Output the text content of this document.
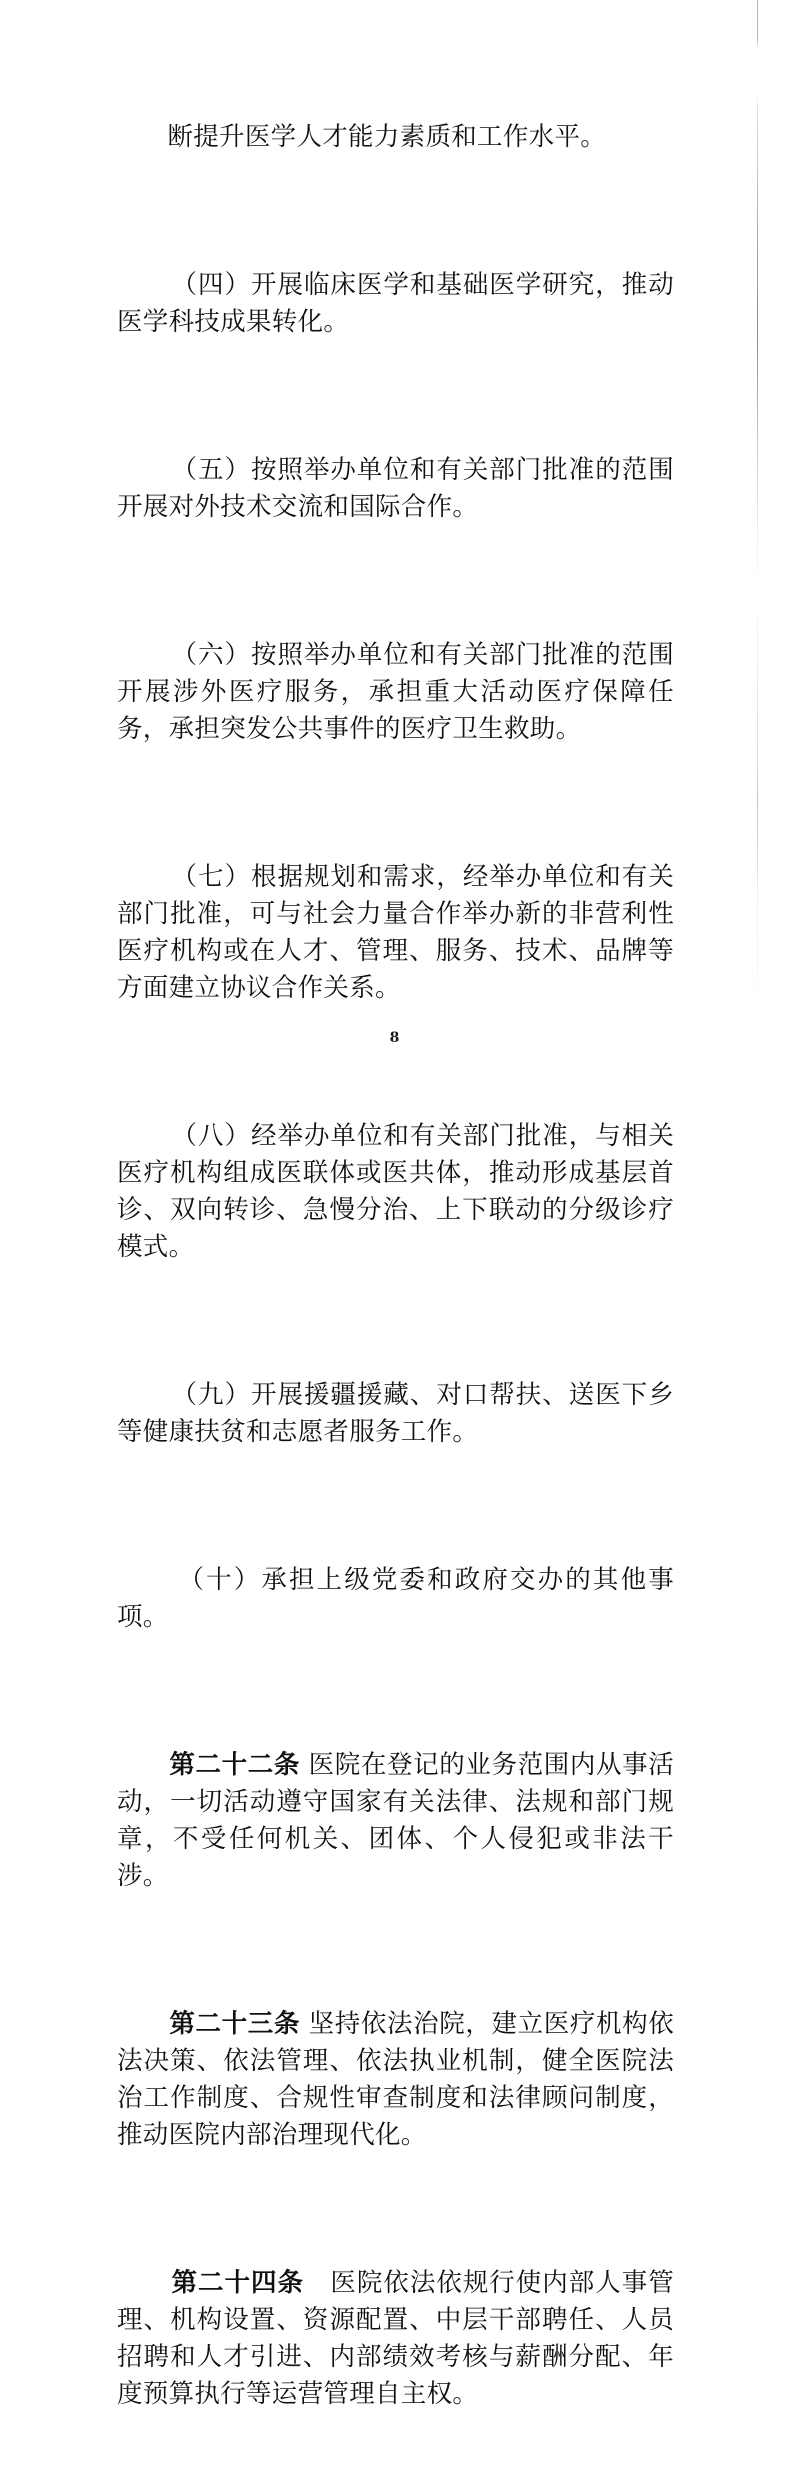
断提升医学人才能力素质和工作水平。

（四）开展临床医学和基础医学研究，推动医学科技成果转化。

（五）按照举办单位和有关部门批准的范围开展对外技术交流和国际合作。

（六）按照举办单位和有关部门批准的范围开展涉外医疗服务，承担重大活动医疗保障任务，承担突发公共事件的医疗卫生救助。

（七）根据规划和需求，经举办单位和有关部门批准，可与社会力量合作举办新的非营利性医疗机构或在人才、管理、服务、技术、品牌等方面建立协议合作关系。

（八）经举办单位和有关部门批准，与相关医疗机构组成医联体或医共体，推动形成基层首诊、双向转诊、急慢分治、上下联动的分级诊疗模式。

（九）开展援疆援藏、对口帮扶、送医下乡等健康扶贫和志愿者服务工作。

（十）承担上级党委和政府交办的其他事项。

第二十二条 医院在登记的业务范围内从事活动，一切活动遵守国家有关法律、法规和部门规章，不受任何机关、团体、个人侵犯或非法干涉。

第二十三条 坚持依法治院，建立医疗机构依法决策、依法管理、依法执业机制，健全医院法治工作制度、合规性审查制度和法律顾问制度，推动医院内部治理现代化。

第二十四条　医院依法依规行使内部人事管理、机构设置、资源配置、中层干部聘任、人员招聘和人才引进、内部绩效考核与薪酬分配、年度预算执行等运营管理自主权。

8
